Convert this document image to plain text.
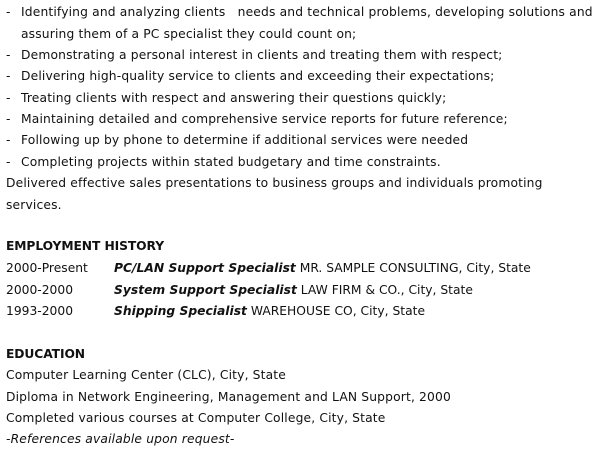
- Identifying and analyzing clients   needs and technical problems, developing solutions and
assuring them of a PC specialist they could count on;
- Demonstrating a personal interest in clients and treating them with respect;
- Delivering high-quality service to clients and exceeding their expectations;
- Treating clients with respect and answering their questions quickly;
- Maintaining detailed and comprehensive service reports for future reference;
- Following up by phone to determine if additional services were needed
- Completing projects within stated budgetary and time constraints.
Delivered effective sales presentations to business groups and individuals promoting
services.
EMPLOYMENT HISTORY
2000-Present PC/LAN Support Specialist MR. SAMPLE CONSULTING, City, State
2000-2000	System Support Specialist LAW FIRM & CO., City, State
1993-2000	Shipping Specialist WAREHOUSE CO, City, State
EDUCATION
Computer Learning Center (CLC), City, State
Diploma in Network Engineering, Management and LAN Support, 2000
Completed various courses at Computer College, City, State
-References available upon request-
